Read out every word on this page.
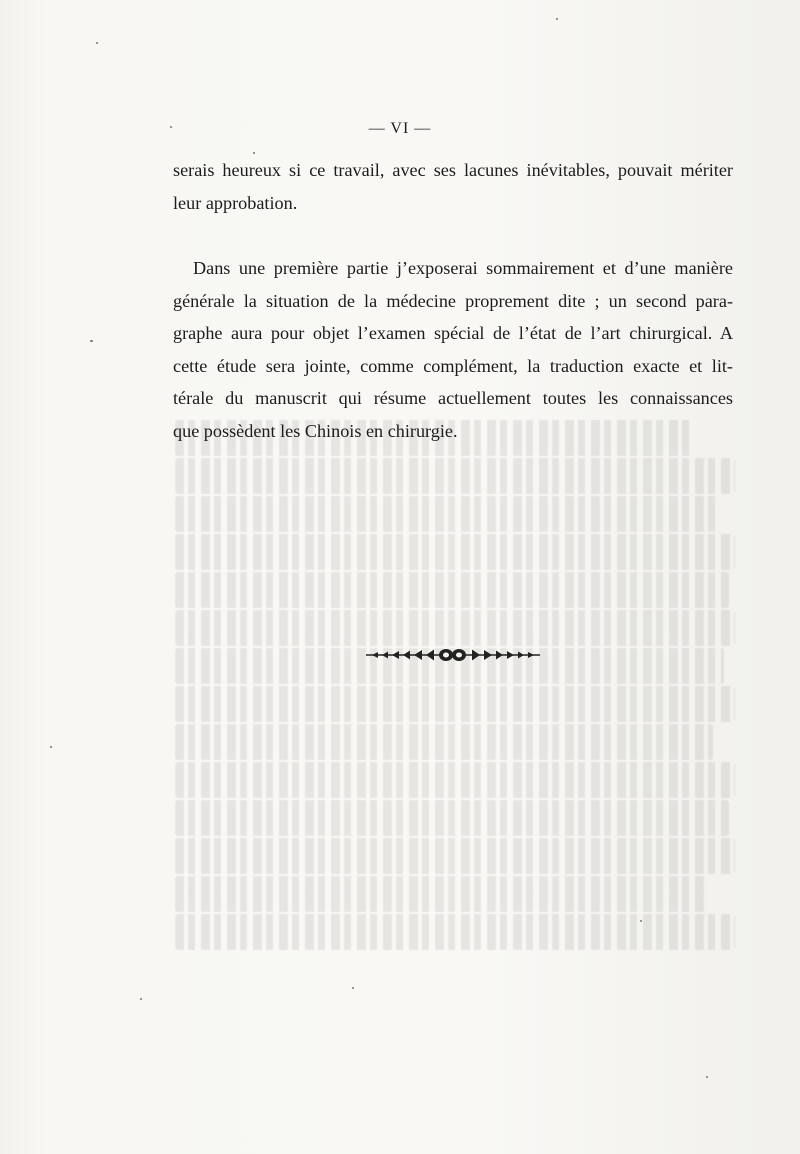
— VI —

serais heureux si ce travail, avec ses lacunes inévitables, pouvait mériter

leur approbation.

Dans une première partie j’exposerai sommairement et d’une manière

générale la situation de la médecine proprement dite ; un second para-

graphe aura pour objet l’examen spécial de l’état de l’art chirurgical. A

cette étude sera jointe, comme complément, la traduction exacte et lit-

térale du manuscrit qui résume actuellement toutes les connaissances

que possèdent les Chinois en chirurgie.
